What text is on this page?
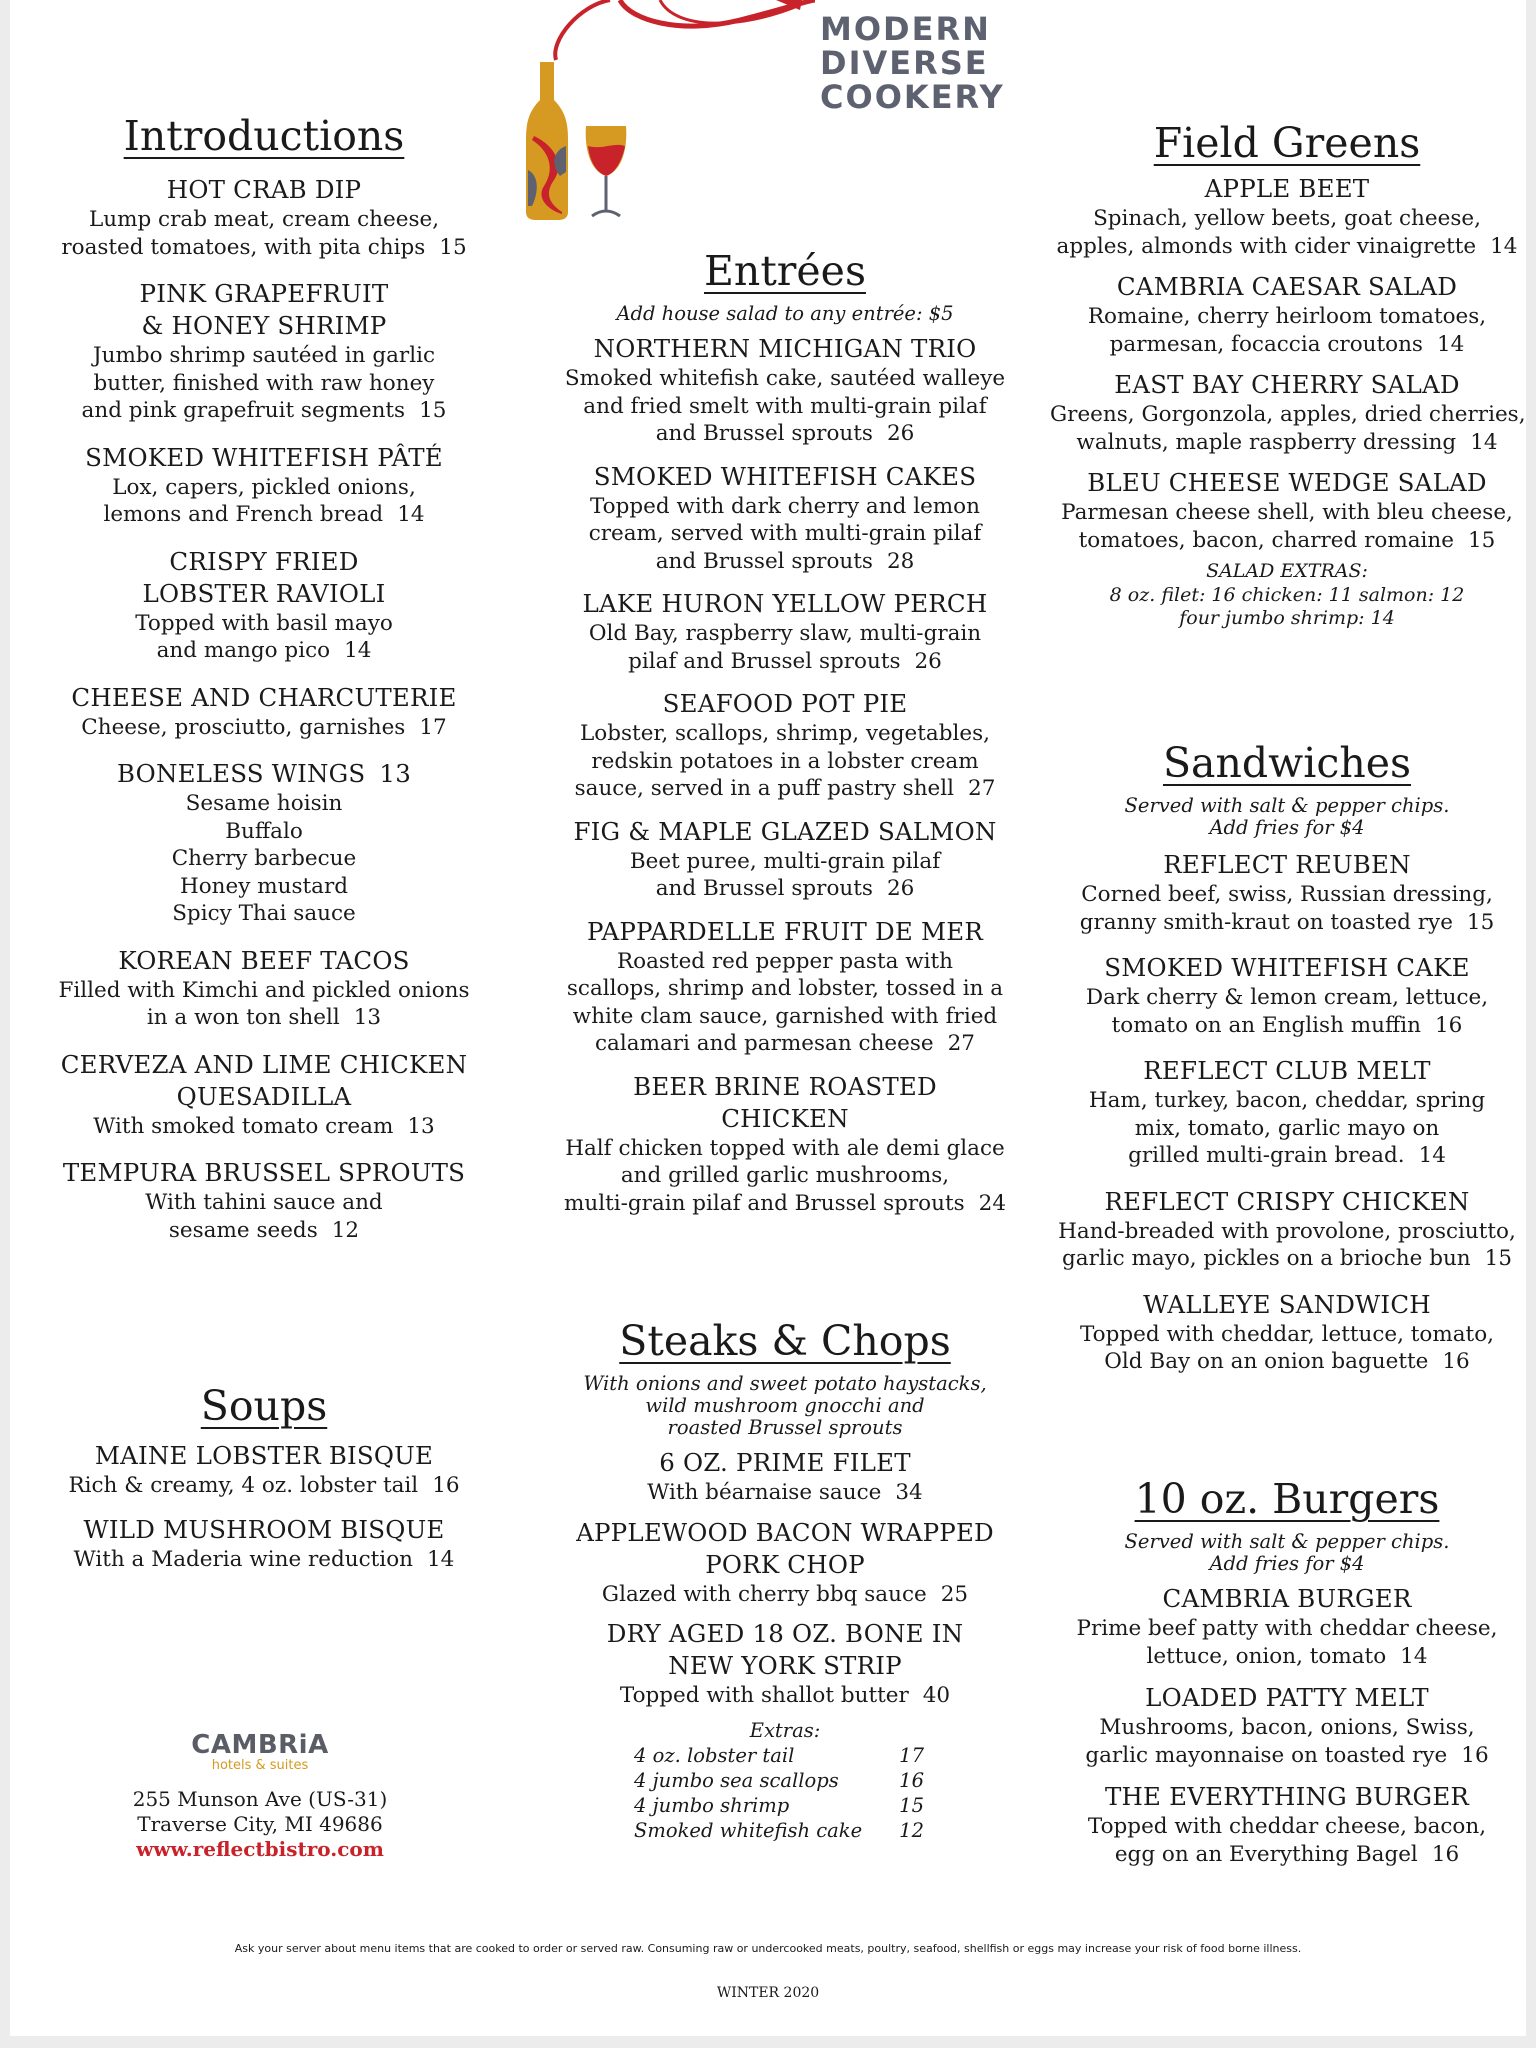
MODERN
DIVERSE
COOKERY
Introductions
HOT CRAB DIP
Lump crab meat, cream cheese,
roasted tomatoes, with pita chips 15
PINK GRAPEFRUIT
& HONEY SHRIMP
Jumbo shrimp sautéed in garlic
butter, finished with raw honey
and pink grapefruit segments 15
SMOKED WHITEFISH PÂTÉ
Lox, capers, pickled onions,
lemons and French bread 14
CRISPY FRIED
LOBSTER RAVIOLI
Topped with basil mayo
and mango pico 14
CHEESE AND CHARCUTERIE
Cheese, prosciutto, garnishes 17
BONELESS WINGS 13
Sesame hoisin
Buffalo
Cherry barbecue
Honey mustard
Spicy Thai sauce
KOREAN BEEF TACOS
Filled with Kimchi and pickled onions
in a won ton shell 13
CERVEZA AND LIME CHICKEN
QUESADILLA
With smoked tomato cream 13
TEMPURA BRUSSEL SPROUTS
With tahini sauce and
sesame seeds 12
Soups
MAINE LOBSTER BISQUE
Rich & creamy, 4 oz. lobster tail 16
WILD MUSHROOM BISQUE
With a Maderia wine reduction 14
CAMBRiA
hotels & suites
255 Munson Ave (US-31)
Traverse City, MI 49686
www.reflectbistro.com
Entrées
Add house salad to any entrée: $5
NORTHERN MICHIGAN TRIO
Smoked whitefish cake, sautéed walleye
and fried smelt with multi-grain pilaf
and Brussel sprouts 26
SMOKED WHITEFISH CAKES
Topped with dark cherry and lemon
cream, served with multi-grain pilaf
and Brussel sprouts 28
LAKE HURON YELLOW PERCH
Old Bay, raspberry slaw, multi-grain
pilaf and Brussel sprouts 26
SEAFOOD POT PIE
Lobster, scallops, shrimp, vegetables,
redskin potatoes in a lobster cream
sauce, served in a puff pastry shell 27
FIG & MAPLE GLAZED SALMON
Beet puree, multi-grain pilaf
and Brussel sprouts 26
PAPPARDELLE FRUIT DE MER
Roasted red pepper pasta with
scallops, shrimp and lobster, tossed in a
white clam sauce, garnished with fried
calamari and parmesan cheese 27
BEER BRINE ROASTED
CHICKEN
Half chicken topped with ale demi glace
and grilled garlic mushrooms,
multi-grain pilaf and Brussel sprouts 24
Steaks & Chops
With onions and sweet potato haystacks,
wild mushroom gnocchi and
roasted Brussel sprouts
6 OZ. PRIME FILET
With béarnaise sauce 34
APPLEWOOD BACON WRAPPED
PORK CHOP
Glazed with cherry bbq sauce 25
DRY AGED 18 OZ. BONE IN
NEW YORK STRIP
Topped with shallot butter 40
Extras:
4 oz. lobster tail	17
4 jumbo sea scallops	16
4 jumbo shrimp	15
Smoked whitefish cake 12
Field Greens
APPLE BEET
Spinach, yellow beets, goat cheese,
apples, almonds with cider vinaigrette 14
CAMBRIA CAESAR SALAD
Romaine, cherry heirloom tomatoes,
parmesan, focaccia croutons 14
EAST BAY CHERRY SALAD
Greens, Gorgonzola, apples, dried cherries,
walnuts, maple raspberry dressing 14
BLEU CHEESE WEDGE SALAD
Parmesan cheese shell, with bleu cheese,
tomatoes, bacon, charred romaine 15
SALAD EXTRAS:
8 oz. filet: 16 chicken: 11 salmon: 12
four jumbo shrimp: 14
Sandwiches
Served with salt & pepper chips.
Add fries for $4
REFLECT REUBEN
Corned beef, swiss, Russian dressing,
granny smith-kraut on toasted rye 15
SMOKED WHITEFISH CAKE
Dark cherry & lemon cream, lettuce,
tomato on an English muffin 16
REFLECT CLUB MELT
Ham, turkey, bacon, cheddar, spring
mix, tomato, garlic mayo on
grilled multi-grain bread. 14
REFLECT CRISPY CHICKEN
Hand-breaded with provolone, prosciutto,
garlic mayo, pickles on a brioche bun 15
WALLEYE SANDWICH
Topped with cheddar, lettuce, tomato,
Old Bay on an onion baguette 16
10 oz. Burgers
Served with salt & pepper chips.
Add fries for $4
CAMBRIA BURGER
Prime beef patty with cheddar cheese,
lettuce, onion, tomato 14
LOADED PATTY MELT
Mushrooms, bacon, onions, Swiss,
garlic mayonnaise on toasted rye 16
THE EVERYTHING BURGER
Topped with cheddar cheese, bacon,
egg on an Everything Bagel 16
Ask your server about menu items that are cooked to order or served raw. Consuming raw or undercooked meats, poultry, seafood, shellfish or eggs may increase your risk of food borne illness.
WINTER 2020
